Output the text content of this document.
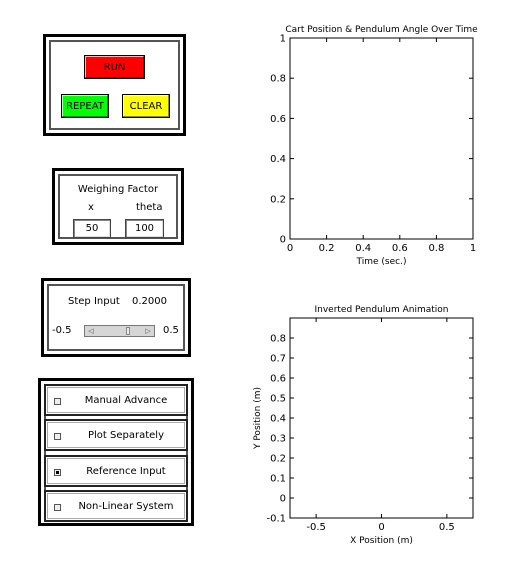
RUN
REPEAT	CLEAR
Weighing Factor
x	theta
50	100
Step Input 0.2000
-0.5	◁	▷ 0.5
Manual Advance
Plot Separately
Reference Input
Non-Linear System
Cart Position & Pendulum Angle Over Time
0	0.2 0.4 0.6 0.8	1
0
0.2
0.4
0.6
0.8
1
Time (sec.)
Inverted Pendulum Animation
-0.5	0	0.5
-0.1
0
0.1
0.2
0.3
0.4
0.5
0.6
0.7
0.8
X Position (m)
Y Position (m)
